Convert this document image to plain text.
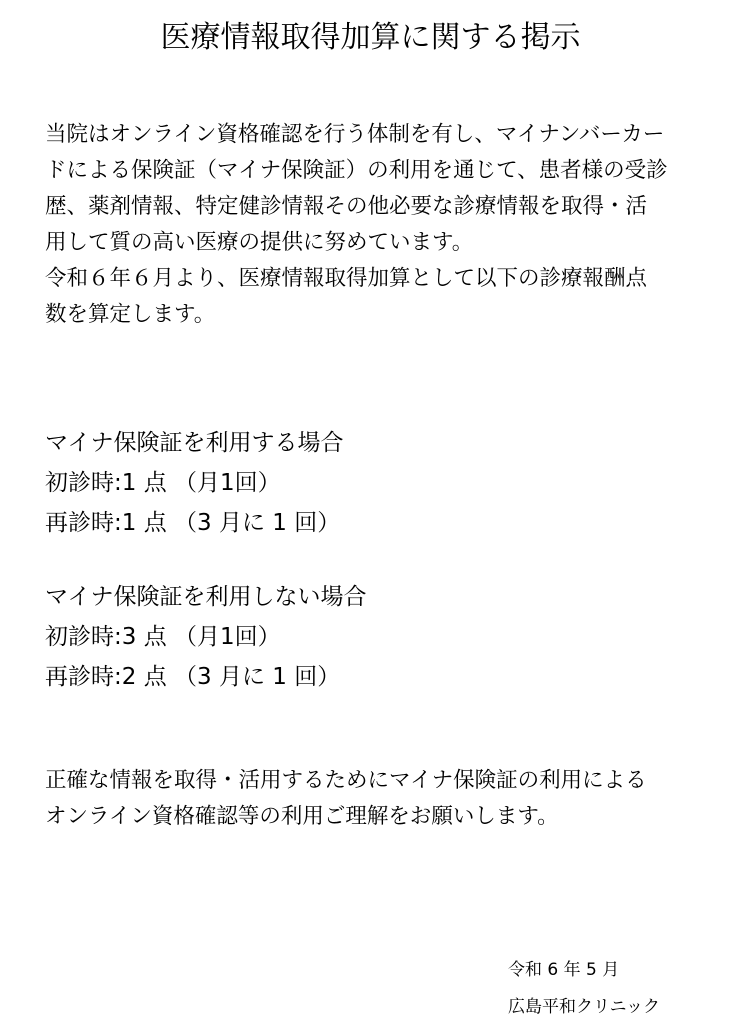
医療情報取得加算に関する掲示
当院はオンライン資格確認を行う体制を有し、マイナンバーカー
ドによる保険証（マイナ保険証）の利用を通じて、患者様の受診
歴、薬剤情報、特定健診情報その他必要な診療情報を取得・活
用して質の高い医療の提供に努めています。
令和６年６月より、医療情報取得加算として以下の診療報酬点
数を算定します。
マイナ保険証を利用する場合
初診時:1 点 （月1回）
再診時:1 点 （3 月に 1 回）
マイナ保険証を利用しない場合
初診時:3 点 （月1回）
再診時:2 点 （3 月に 1 回）
正確な情報を取得・活用するためにマイナ保険証の利用による
オンライン資格確認等の利用ご理解をお願いします。
令和 6 年 5 月
広島平和クリニック
